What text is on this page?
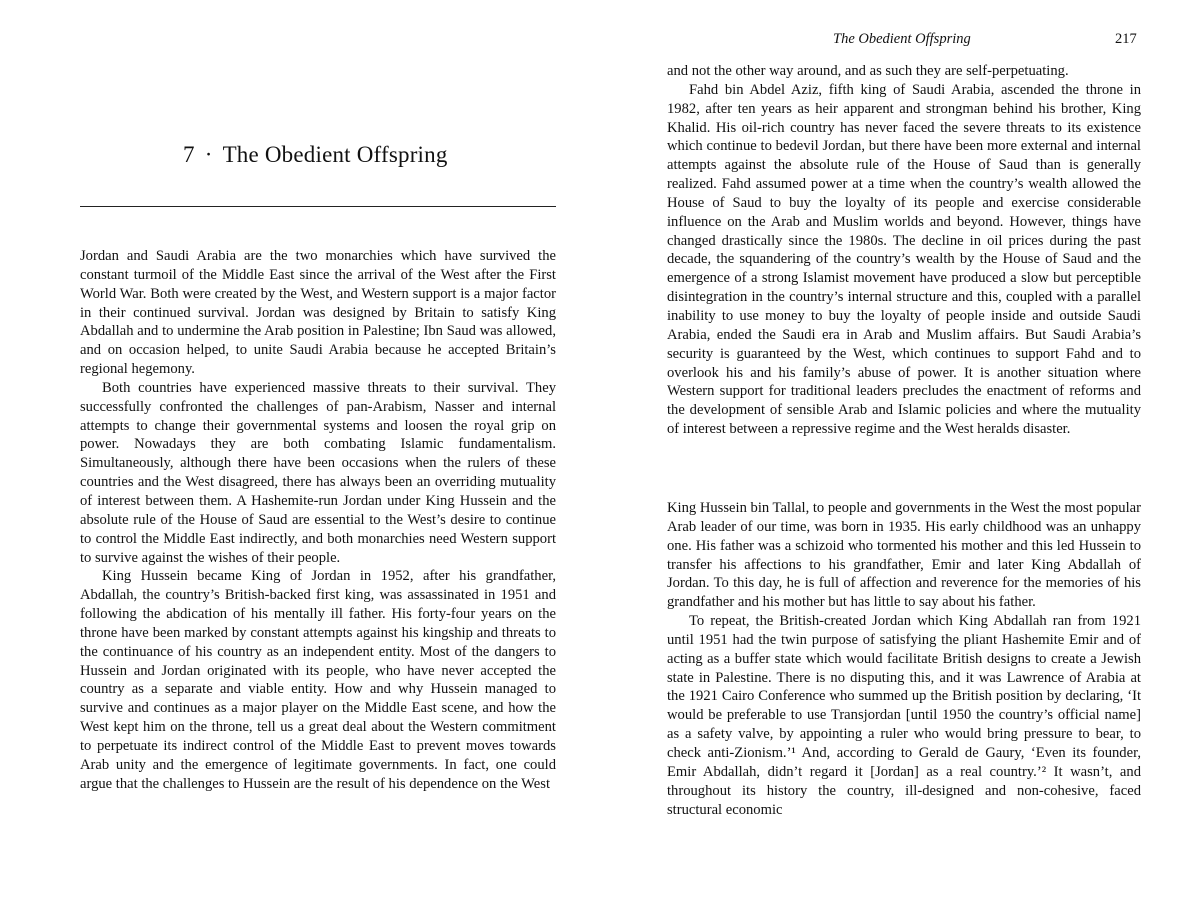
7 · The Obedient Offspring

Jordan and Saudi Arabia are the two monarchies which have survived the constant turmoil of the Middle East since the arrival of the West after the First World War. Both were created by the West, and Western support is a major factor in their continued survival. Jordan was designed by Britain to satisfy King Abdallah and to undermine the Arab position in Palestine; Ibn Saud was allowed, and on occasion helped, to unite Saudi Arabia because he accepted Britain’s regional hegemony.

Both countries have experienced massive threats to their survival. They successfully confronted the challenges of pan-Arabism, Nasser and internal attempts to change their governmental systems and loosen the royal grip on power. Nowadays they are both combating Islamic fundamentalism. Simultaneously, although there have been occasions when the rulers of these countries and the West disagreed, there has always been an overriding mutuality of interest between them. A Hashemite-run Jordan under King Hussein and the absolute rule of the House of Saud are essential to the West’s desire to continue to control the Middle East indirectly, and both monarchies need Western support to survive against the wishes of their people.

King Hussein became King of Jordan in 1952, after his grandfather, Abdallah, the country’s British-backed first king, was assassinated in 1951 and following the abdication of his mentally ill father. His forty-four years on the throne have been marked by constant attempts against his kingship and threats to the continuance of his country as an independent entity. Most of the dangers to Hussein and Jordan originated with its people, who have never accepted the country as a separate and viable entity. How and why Hussein managed to survive and continues as a major player on the Middle East scene, and how the West kept him on the throne, tell us a great deal about the Western commitment to perpetuate its indirect control of the Middle East to prevent moves towards Arab unity and the emergence of legitimate governments. In fact, one could argue that the challenges to Hussein are the result of his dependence on the West

The Obedient Offspring	217

and not the other way around, and as such they are self-perpetuating.

Fahd bin Abdel Aziz, fifth king of Saudi Arabia, ascended the throne in 1982, after ten years as heir apparent and strongman behind his brother, King Khalid. His oil-rich country has never faced the severe threats to its existence which continue to bedevil Jordan, but there have been more external and internal attempts against the absolute rule of the House of Saud than is generally realized. Fahd assumed power at a time when the country’s wealth allowed the House of Saud to buy the loyalty of its people and exercise considerable influence on the Arab and Muslim worlds and beyond. However, things have changed drastically since the 1980s. The decline in oil prices during the past decade, the squandering of the country’s wealth by the House of Saud and the emergence of a strong Islamist movement have produced a slow but perceptible disintegration in the country’s internal structure and this, coupled with a parallel inability to use money to buy the loyalty of people inside and outside Saudi Arabia, ended the Saudi era in Arab and Muslim affairs. But Saudi Arabia’s security is guaranteed by the West, which continues to support Fahd and to overlook his and his family’s abuse of power. It is another situation where Western support for traditional leaders precludes the enactment of reforms and the development of sensible Arab and Islamic policies and where the mutuality of interest between a repressive regime and the West heralds disaster.

King Hussein bin Tallal, to people and governments in the West the most popular Arab leader of our time, was born in 1935. His early childhood was an unhappy one. His father was a schizoid who tormented his mother and this led Hussein to transfer his affections to his grandfather, Emir and later King Abdallah of Jordan. To this day, he is full of affection and reverence for the memories of his grandfather and his mother but has little to say about his father.

To repeat, the British-created Jordan which King Abdallah ran from 1921 until 1951 had the twin purpose of satisfying the pliant Hashemite Emir and of acting as a buffer state which would facilitate British designs to create a Jewish state in Palestine. There is no disputing this, and it was Lawrence of Arabia at the 1921 Cairo Conference who summed up the British position by declaring, ‘It would be preferable to use Transjordan [until 1950 the country’s official name] as a safety valve, by appointing a ruler who would bring pressure to bear, to check anti-Zionism.’¹ And, according to Gerald de Gaury, ‘Even its founder, Emir Abdallah, didn’t regard it [Jordan] as a real country.’² It wasn’t, and throughout its history the country, ill-designed and non-cohesive, faced structural economic
